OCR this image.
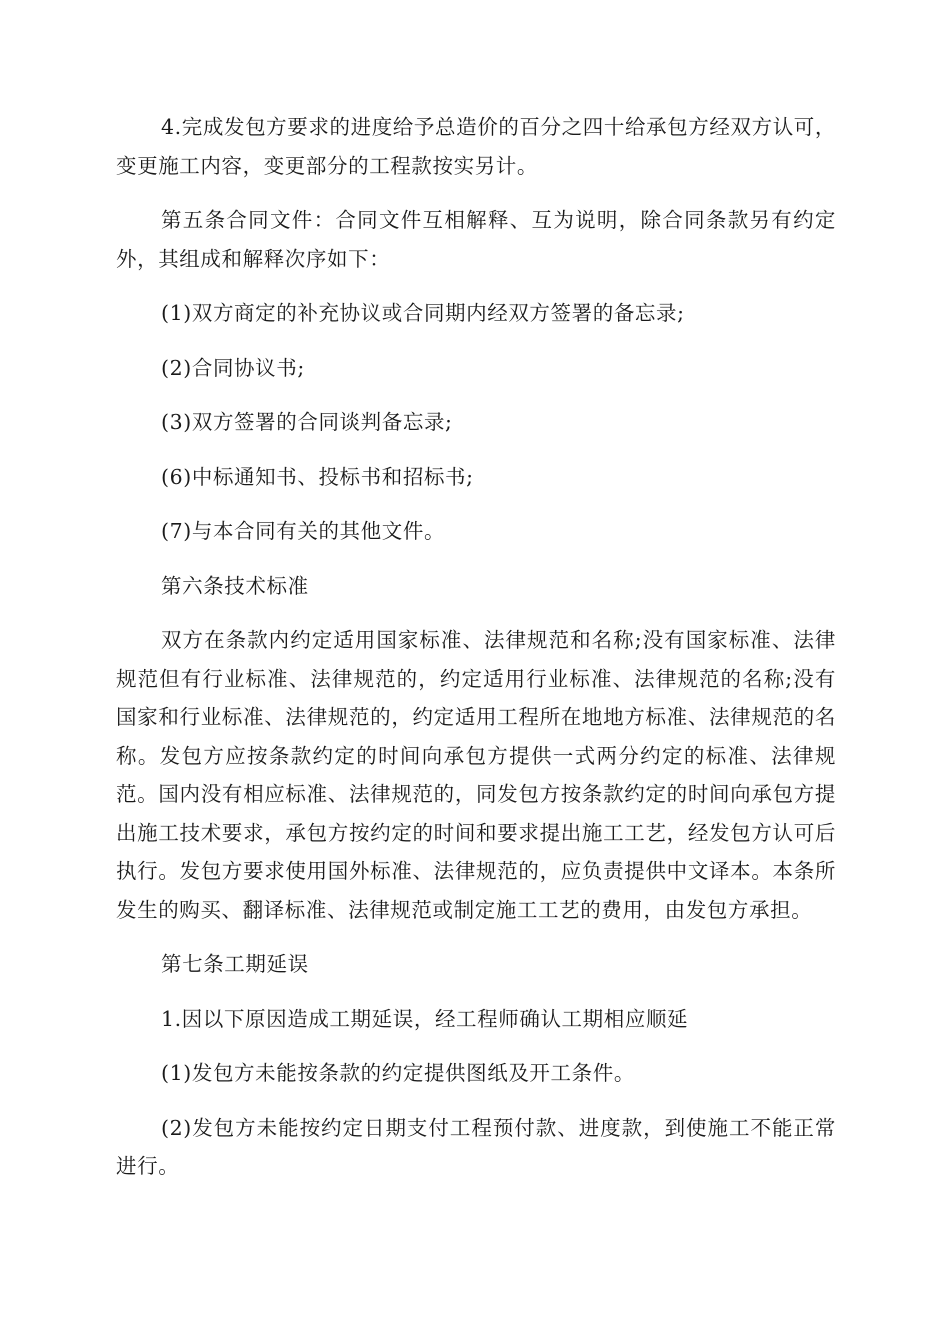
4.完成发包方要求的进度给予总造价的百分之四十给承包方经双方认可，变更施工内容，变更部分的工程款按实另计。

第五条合同文件：合同文件互相解释、互为说明，除合同条款另有约定外，其组成和解释次序如下：

(1)双方商定的补充协议或合同期内经双方签署的备忘录;

(2)合同协议书;

(3)双方签署的合同谈判备忘录;

(6)中标通知书、投标书和招标书;

(7)与本合同有关的其他文件。

第六条技术标准

双方在条款内约定适用国家标准、法律规范和名称;没有国家标准、法律规范但有行业标准、法律规范的，约定适用行业标准、法律规范的名称;没有国家和行业标准、法律规范的，约定适用工程所在地地方标准、法律规范的名称。发包方应按条款约定的时间向承包方提供一式两分约定的标准、法律规范。国内没有相应标准、法律规范的，同发包方按条款约定的时间向承包方提出施工技术要求，承包方按约定的时间和要求提出施工工艺，经发包方认可后执行。发包方要求使用国外标准、法律规范的，应负责提供中文译本。本条所发生的购买、翻译标准、法律规范或制定施工工艺的费用，由发包方承担。

第七条工期延误

1.因以下原因造成工期延误，经工程师确认工期相应顺延

(1)发包方未能按条款的约定提供图纸及开工条件。

(2)发包方未能按约定日期支付工程预付款、进度款，到使施工不能正常进行。
